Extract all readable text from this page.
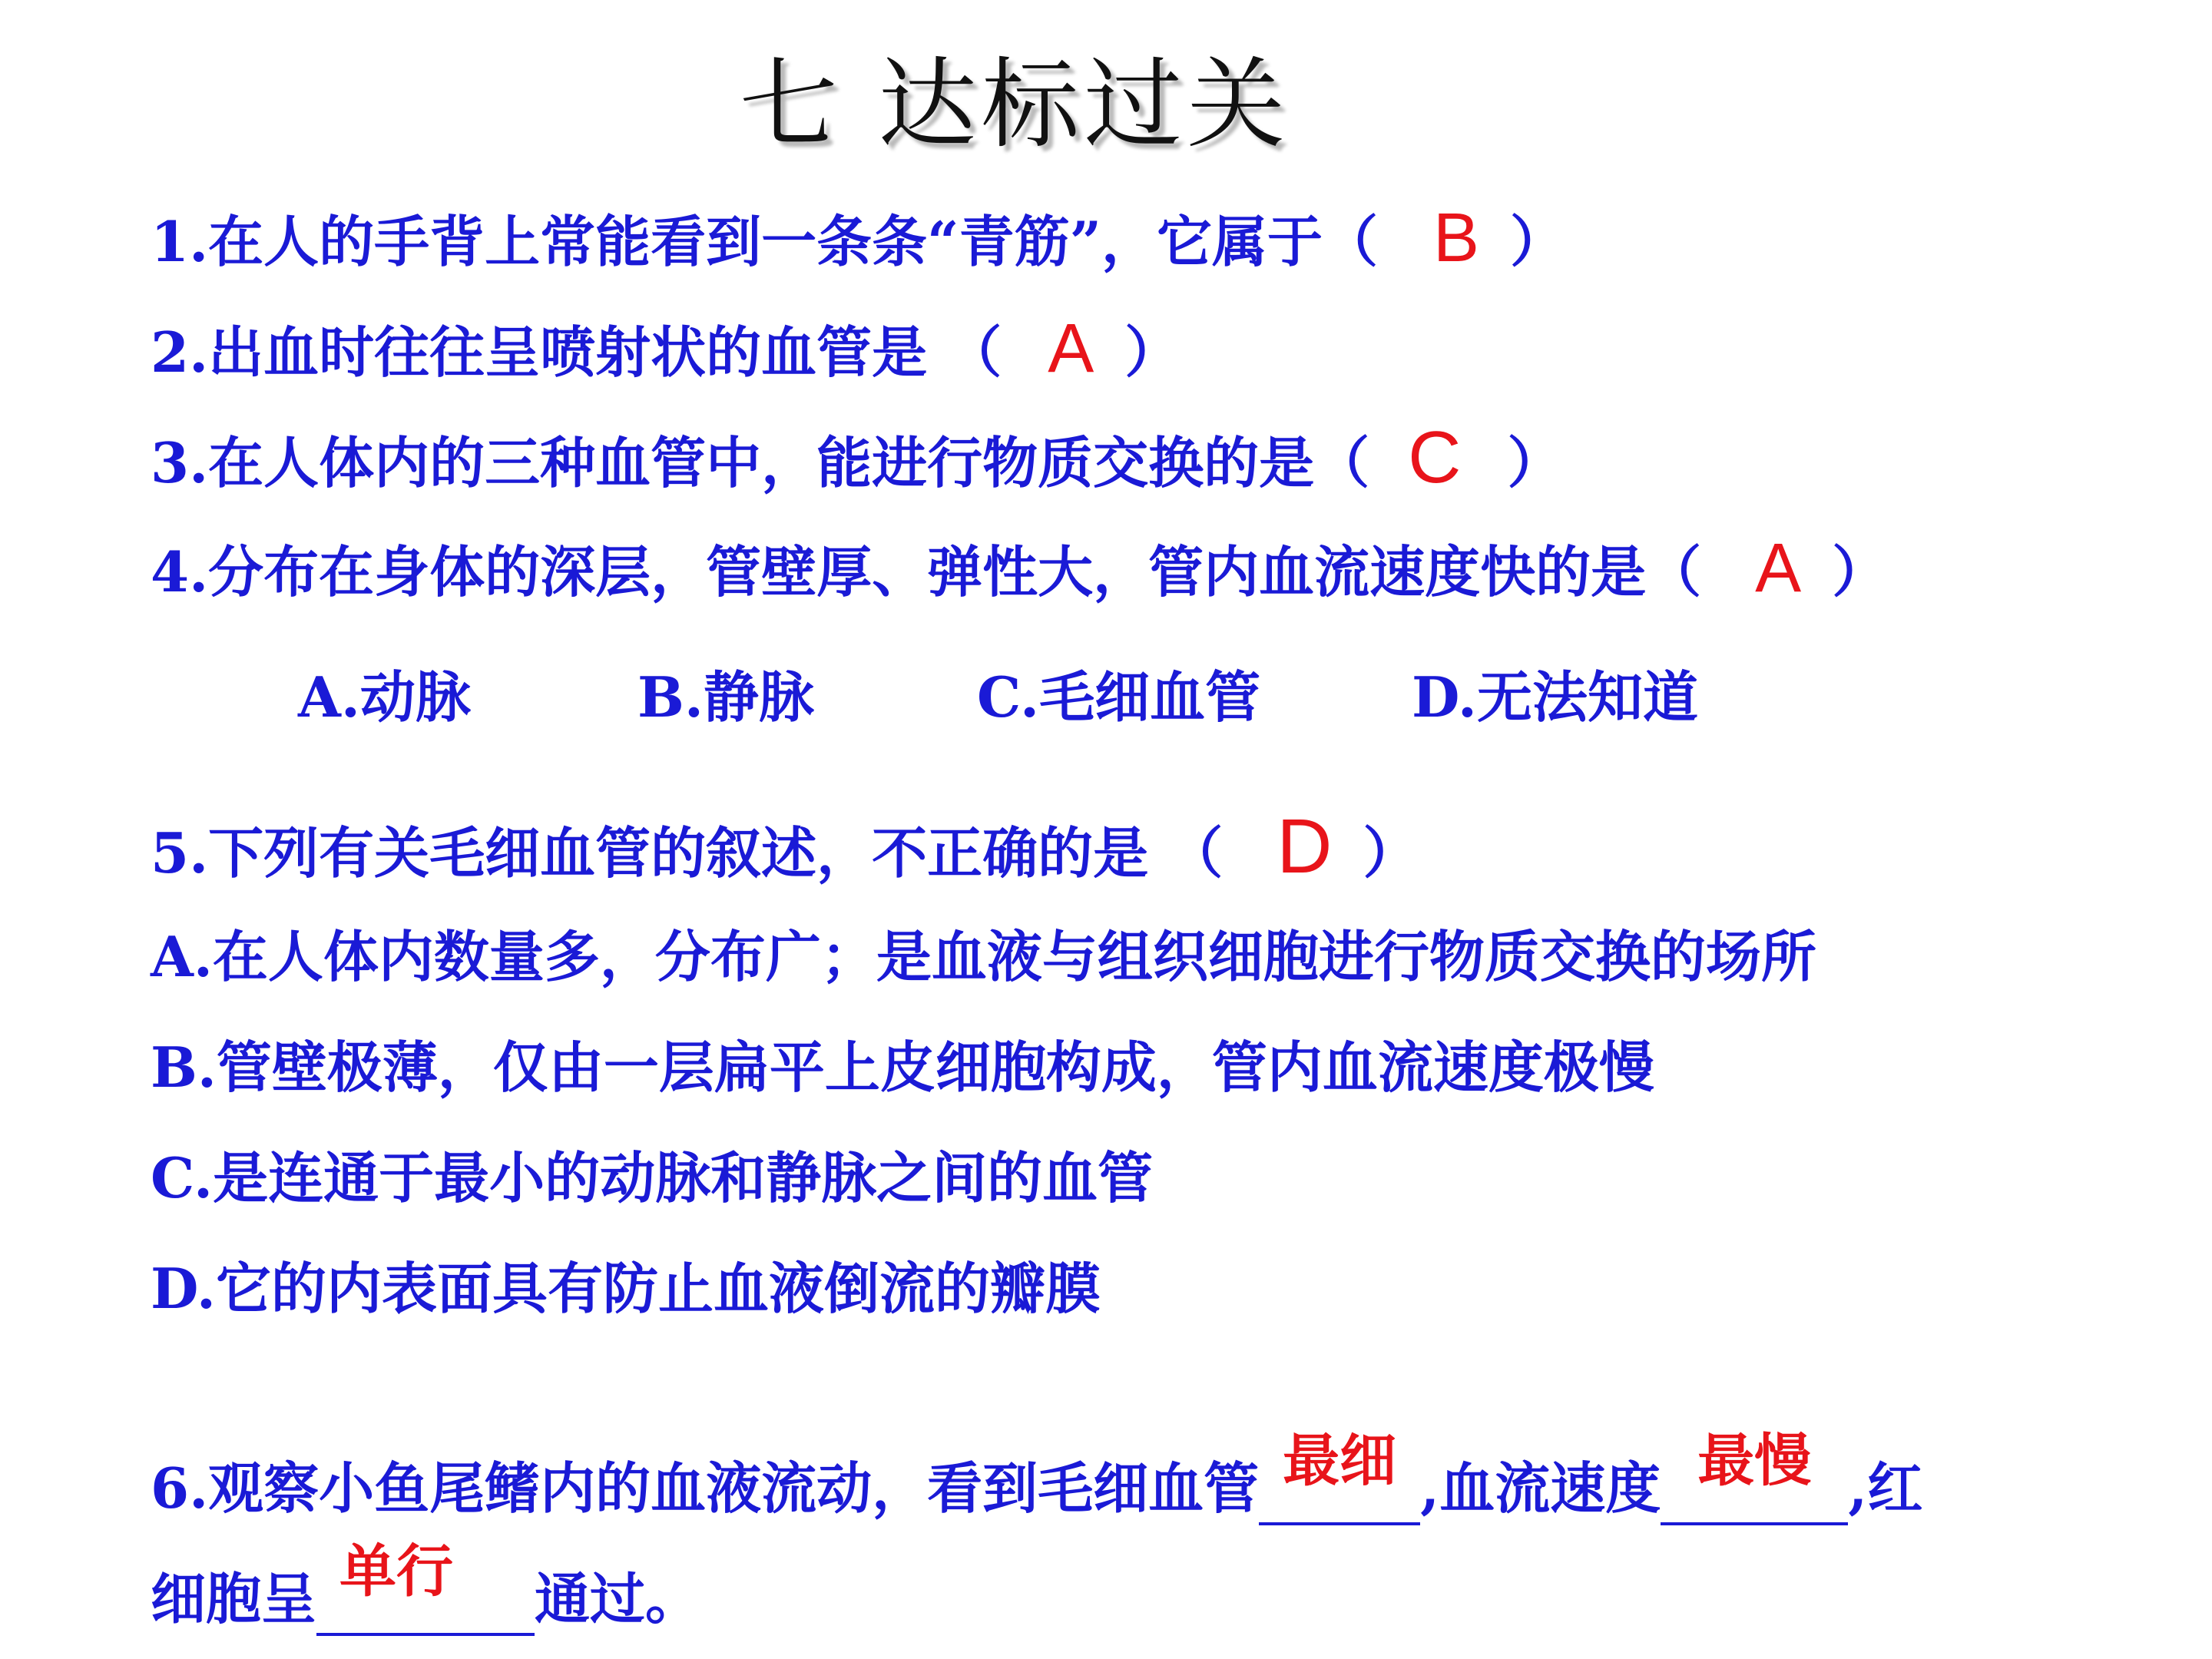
七 达标过关
1.在人的手背上常能看到一条条“青筋”，它属于（ B ）
2.出血时往往呈喷射状的血管是 （ A ）
3.在人体内的三种血管中，能进行物质交换的是（ C ）
4.分布在身体的深层，管壁厚、弹性大，管内血流速度快的是（ A ）
A.动脉	B.静脉	C.毛细血管	D.无法知道
5.下列有关毛细血管的叙述，不正确的是 （ D ）
A.在人体内数量多，分布广；是血液与组织细胞进行物质交换的场所
B.管壁极薄，仅由一层扁平上皮细胞构成，管内血流速度极慢
C.是连通于最小的动脉和静脉之间的血管
D.它的内表面具有防止血液倒流的瓣膜
6.观察小鱼尾鳍内的血液流动，看到毛细血管 最细 ,血流速度 最慢 ,红
细胞呈 单行	通过。
